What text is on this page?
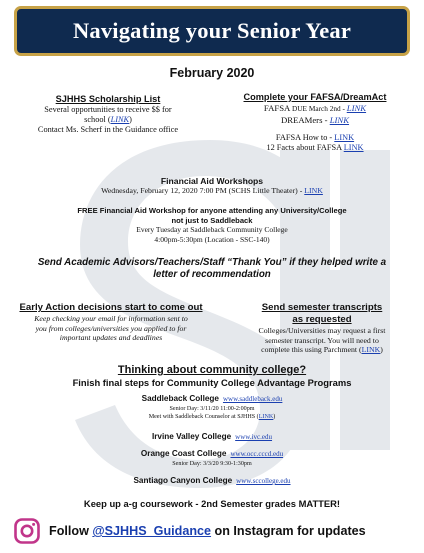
Navigating your Senior Year
February 2020
SJHHS Scholarship List
Several opportunities to receive $$ for
school (LINK)
Contact Ms. Scherf in the Guidance office
Complete your FAFSA/DreamAct
FAFSA DUE March 2nd - LINK
DREAMers - LINK
FAFSA How to - LINK
12 Facts about FAFSA LINK
Financial Aid Workshops
Wednesday, February 12, 2020 7:00 PM (SCHS Little Theater) - LINK
FREE Financial Aid Workshop for anyone attending any University/College
not just to Saddleback
Every Tuesday at Saddleback Community College
4:00pm-5:30pm (Location - SSC-140)
Send Academic Advisors/Teachers/Staff “Thank You” if they helped write a
letter of recommendation
Early Action decisions start to come out
Keep checking your email for information sent to
you from colleges/universities you applied to for
important updates and deadlines
Send semester transcripts
as requested
Colleges/Universities may request a first
semester transcript. You will need to
complete this using Parchment (LINK)
Thinking about community college?
Finish final steps for Community College Advantage Programs
Saddleback College www.saddleback.edu
Senior Day: 3/11/20 11:00-2:00pm
Meet with Saddleback Counselor at SJHHS (LINK)
Irvine Valley College www.ivc.edu
Orange Coast College www.occ.cccd.edu
Senior Day: 3/3/20 9:30-1:30pm
Santiago Canyon College www.sccollege.edu
Keep up a-g coursework - 2nd Semester grades MATTER!
Follow @SJHHS_Guidance on Instagram for updates
